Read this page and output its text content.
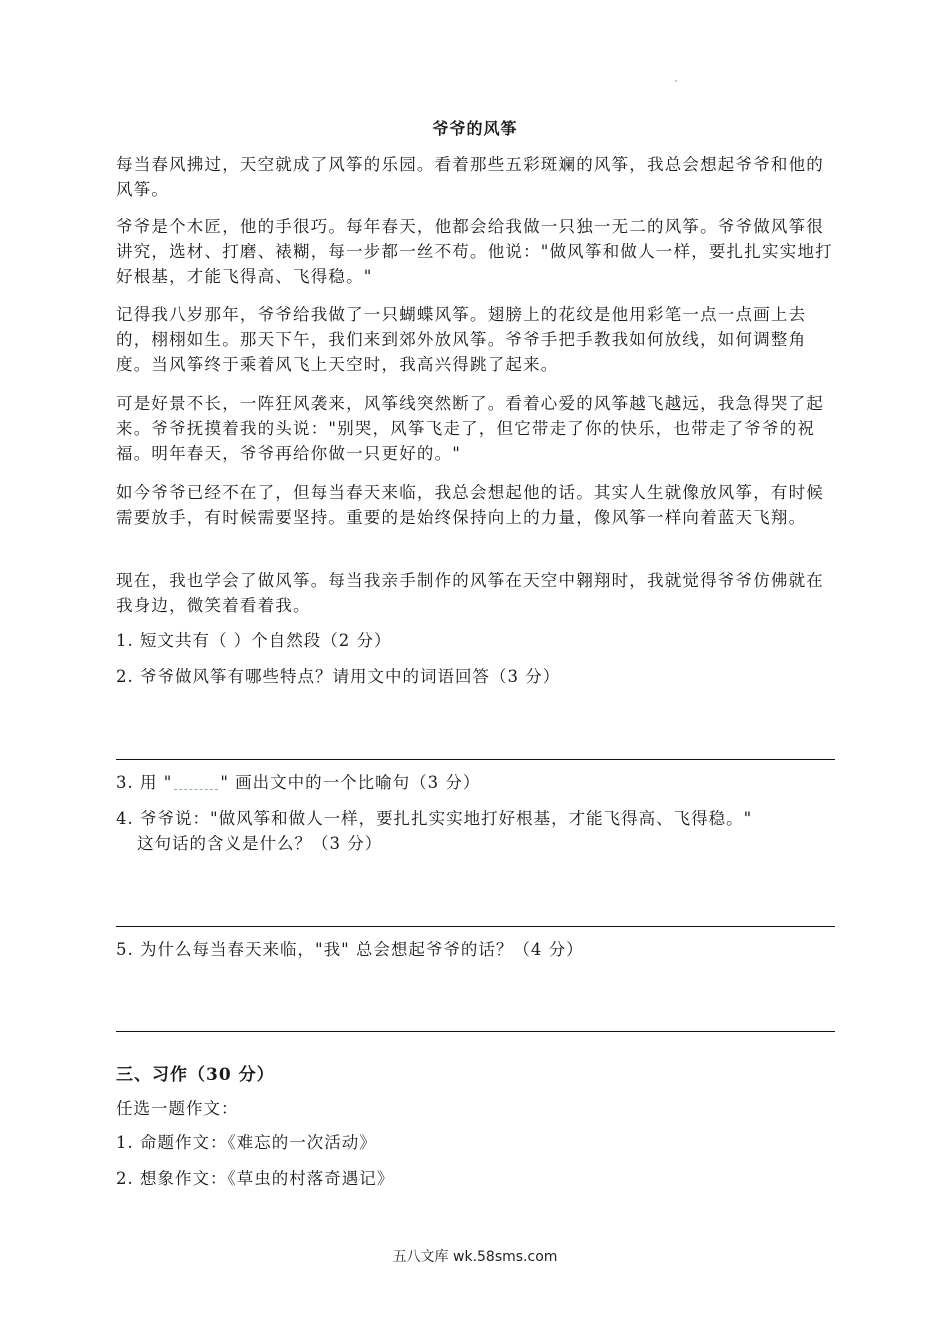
爷爷的风筝

每当春风拂过，天空就成了风筝的乐园。看着那些五彩斑斓的风筝，我总会想起爷爷和他的风筝。

爷爷是个木匠，他的手很巧。每年春天，他都会给我做一只独一无二的风筝。爷爷做风筝很讲究，选材、打磨、裱糊，每一步都一丝不苟。他说："做风筝和做人一样，要扎扎实实地打好根基，才能飞得高、飞得稳。"

记得我八岁那年，爷爷给我做了一只蝴蝶风筝。翅膀上的花纹是他用彩笔一点一点画上去的，栩栩如生。那天下午，我们来到郊外放风筝。爷爷手把手教我如何放线，如何调整角度。当风筝终于乘着风飞上天空时，我高兴得跳了起来。

可是好景不长，一阵狂风袭来，风筝线突然断了。看着心爱的风筝越飞越远，我急得哭了起来。爷爷抚摸着我的头说："别哭，风筝飞走了，但它带走了你的快乐，也带走了爷爷的祝福。明年春天，爷爷再给你做一只更好的。"

如今爷爷已经不在了，但每当春天来临，我总会想起他的话。其实人生就像放风筝，有时候需要放手，有时候需要坚持。重要的是始终保持向上的力量，像风筝一样向着蓝天飞翔。

现在，我也学会了做风筝。每当我亲手制作的风筝在天空中翱翔时，我就觉得爷爷仿佛就在我身边，微笑着看着我。

1. 短文共有（ ）个自然段（2 分）

2. 爷爷做风筝有哪些特点？请用文中的词语回答（3 分）

3. 用 "	" 画出文中的一个比喻句（3 分）

4. 爷爷说："做风筝和做人一样，要扎扎实实地打好根基，才能飞得高、飞得稳。"
这句话的含义是什么？（3 分）

5. 为什么每当春天来临，"我" 总会想起爷爷的话？（4 分）

三、习作（30 分）

任选一题作文：

1. 命题作文：《难忘的一次活动》

2. 想象作文：《草虫的村落奇遇记》

五八文库 wk.58sms.com
